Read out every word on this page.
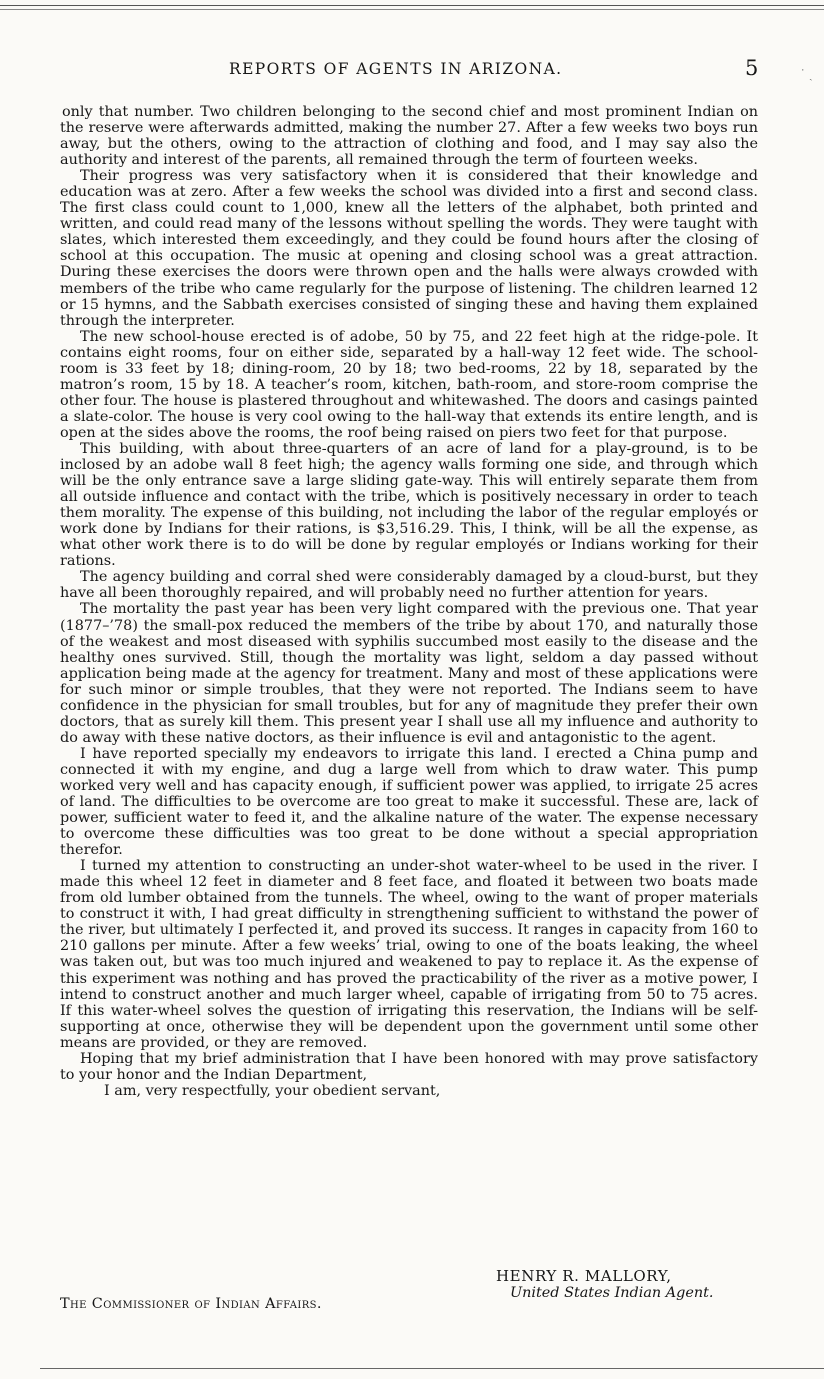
REPORTS OF AGENTS IN ARIZONA.	5	˙ ˎ

only that number. Two children belonging to the second chief and most prominent Indian on the reserve were afterwards admitted, making the number 27. After a few weeks two boys run away, but the others, owing to the attraction of clothing and food, and I may say also the authority and interest of the parents, all remained through the term of fourteen weeks.

Their progress was very satisfactory when it is considered that their knowledge and education was at zero. After a few weeks the school was divided into a first and second class. The first class could count to 1,000, knew all the letters of the alphabet, both printed and written, and could read many of the lessons without spelling the words. They were taught with slates, which interested them exceedingly, and they could be found hours after the closing of school at this occupation. The music at opening and closing school was a great attraction. During these exercises the doors were thrown open and the halls were always crowded with members of the tribe who came regularly for the purpose of listening. The children learned 12 or 15 hymns, and the Sabbath exercises consisted of singing these and having them explained through the interpreter.

The new school-house erected is of adobe, 50 by 75, and 22 feet high at the ridge-pole. It contains eight rooms, four on either side, separated by a hall-way 12 feet wide. The school-room is 33 feet by 18; dining-room, 20 by 18; two bed-rooms, 22 by 18, separated by the matron’s room, 15 by 18. A teacher’s room, kitchen, bath-room, and store-room comprise the other four. The house is plastered throughout and whitewashed. The doors and casings painted a slate-color. The house is very cool owing to the hall-way that extends its entire length, and is open at the sides above the rooms, the roof being raised on piers two feet for that purpose.

This building, with about three-quarters of an acre of land for a play-ground, is to be inclosed by an adobe wall 8 feet high; the agency walls forming one side, and through which will be the only entrance save a large sliding gate-way. This will entirely separate them from all outside influence and contact with the tribe, which is positively necessary in order to teach them morality. The expense of this building, not including the labor of the regular employés or work done by Indians for their rations, is $3,516.29. This, I think, will be all the expense, as what other work there is to do will be done by regular employés or Indians working for their rations.

The agency building and corral shed were considerably damaged by a cloud-burst, but they have all been thoroughly repaired, and will probably need no further attention for years.

The mortality the past year has been very light compared with the previous one. That year (1877–’78) the small-pox reduced the members of the tribe by about 170, and naturally those of the weakest and most diseased with syphilis succumbed most easily to the disease and the healthy ones survived. Still, though the mortality was light, seldom a day passed without application being made at the agency for treatment. Many and most of these applications were for such minor or simple troubles, that they were not reported. The Indians seem to have confidence in the physician for small troubles, but for any of magnitude they prefer their own doctors, that as surely kill them. This present year I shall use all my influence and authority to do away with these native doctors, as their influence is evil and antagonistic to the agent.

I have reported specially my endeavors to irrigate this land. I erected a China pump and connected it with my engine, and dug a large well from which to draw water. This pump worked very well and has capacity enough, if sufficient power was applied, to irrigate 25 acres of land. The difficulties to be overcome are too great to make it successful. These are, lack of power, sufficient water to feed it, and the alkaline nature of the water. The expense necessary to overcome these difficulties was too great to be done without a special appropriation therefor.

I turned my attention to constructing an under-shot water-wheel to be used in the river. I made this wheel 12 feet in diameter and 8 feet face, and floated it between two boats made from old lumber obtained from the tunnels. The wheel, owing to the want of proper materials to construct it with, I had great difficulty in strengthening sufficient to withstand the power of the river, but ultimately I perfected it, and proved its success. It ranges in capacity from 160 to 210 gallons per minute. After a few weeks’ trial, owing to one of the boats leaking, the wheel was taken out, but was too much injured and weakened to pay to replace it. As the expense of this experiment was nothing and has proved the practicability of the river as a motive power, I intend to construct another and much larger wheel, capable of irrigating from 50 to 75 acres. If this water-wheel solves the question of irrigating this reservation, the Indians will be self-supporting at once, otherwise they will be dependent upon the government until some other means are provided, or they are removed.

Hoping that my brief administration that I have been honored with may prove satisfactory to your honor and the Indian Department,

I am, very respectfully, your obedient servant,

HENRY R. MALLORY,
United States Indian Agent.
The Commissioner of Indian Affairs.
